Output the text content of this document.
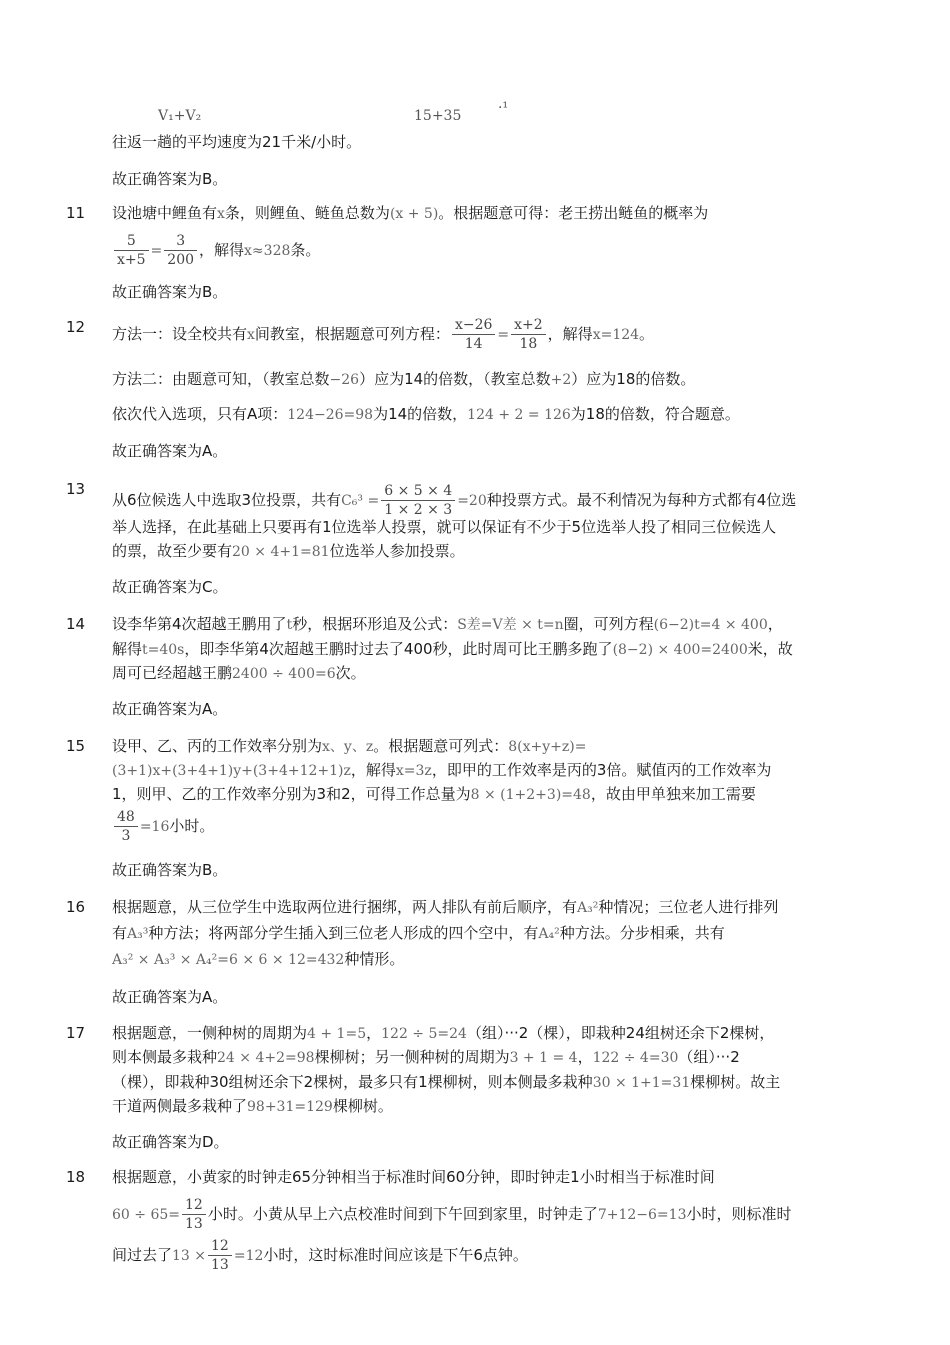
V₁+V₂	15+35	·¹
往返一趟的平均速度为21千米/小时。
故正确答案为B。
11 设池塘中鲤鱼有x条，则鲤鱼、鲢鱼总数为(x + 5)。根据题意可得：老王捞出鲢鱼的概率为
$\frac{5}{x+5} = \frac{3}{200}$ ，解得x≈328条。
故正确答案为B。
12 方法一：设全校共有x间教室，根据题意可列方程： $\frac{x-26}{14} = \frac{x+2}{18}$ ，解得x=124。
方法二：由题意可知，（教室总数−26）应为14的倍数，（教室总数+2）应为18的倍数。
依次代入选项，只有A项：124−26=98为14的倍数，124 + 2 = 126为18的倍数，符合题意。
故正确答案为A。
13
从6位候选人中选取3位投票，共有$C_6^3 = \frac{6 \times 5 \times 4}{1 \times 2 \times 3} =20$种投票方式。最不利情况为每种方式都有4位选
举人选择，在此基础上只要再有1位选举人投票，就可以保证有不少于5位选举人投了相同三位候选人
的票，故至少要有20 × 4+1=81位选举人参加投票。
故正确答案为C。
14 设李华第4次超越王鹏用了t秒，根据环形追及公式：S差=V差 × t=n圈，可列方程(6−2)t=4 × 400，
解得t=40s，即李华第4次超越王鹏时过去了400秒，此时周可比王鹏多跑了(8−2) × 400=2400米，故
周可已经超越王鹏2400 ÷ 400=6次。
故正确答案为A。
15 设甲、乙、丙的工作效率分别为x、y、z。根据题意可列式：8(x+y+z)=
(3+1)x+(3+4+1)y+(3+4+12+1)z，解得x=3z，即甲的工作效率是丙的3倍。赋值丙的工作效率为
1，则甲、乙的工作效率分别为3和2，可得工作总量为8 × (1+2+3)=48，故由甲单独来加工需要
$\frac{48}{3} =16$小时。
故正确答案为B。
16 根据题意，从三位学生中选取两位进行捆绑，两人排队有前后顺序，有A₃²种情况；三位老人进行排列
有A₃³种方法；将两部分学生插入到三位老人形成的四个空中，有A₄²种方法。分步相乘，共有
A₃² × A₃³ × A₄²=6 × 6 × 12=432种情形。
故正确答案为A。
17 根据题意，一侧种树的周期为4 + 1=5，122 ÷ 5=24（组）···2（棵），即栽种24组树还余下2棵树，
则本侧最多栽种24 × 4+2=98棵柳树；另一侧种树的周期为3 + 1 = 4，122 ÷ 4=30（组）···2
（棵），即栽种30组树还余下2棵树，最多只有1棵柳树，则本侧最多栽种30 × 1+1=31棵柳树。故主
干道两侧最多栽种了98+31=129棵柳树。
故正确答案为D。
18 根据题意，小黄家的时钟走65分钟相当于标准时间60分钟，即时钟走1小时相当于标准时间
$60 \div 65= \frac{12}{13}$ 小时。小黄从早上六点校准时间到下午回到家里，时钟走了7+12−6=13小时，则标准时
间过去了$13 \times \frac{12}{13} =12$小时，这时标准时间应该是下午6点钟。
